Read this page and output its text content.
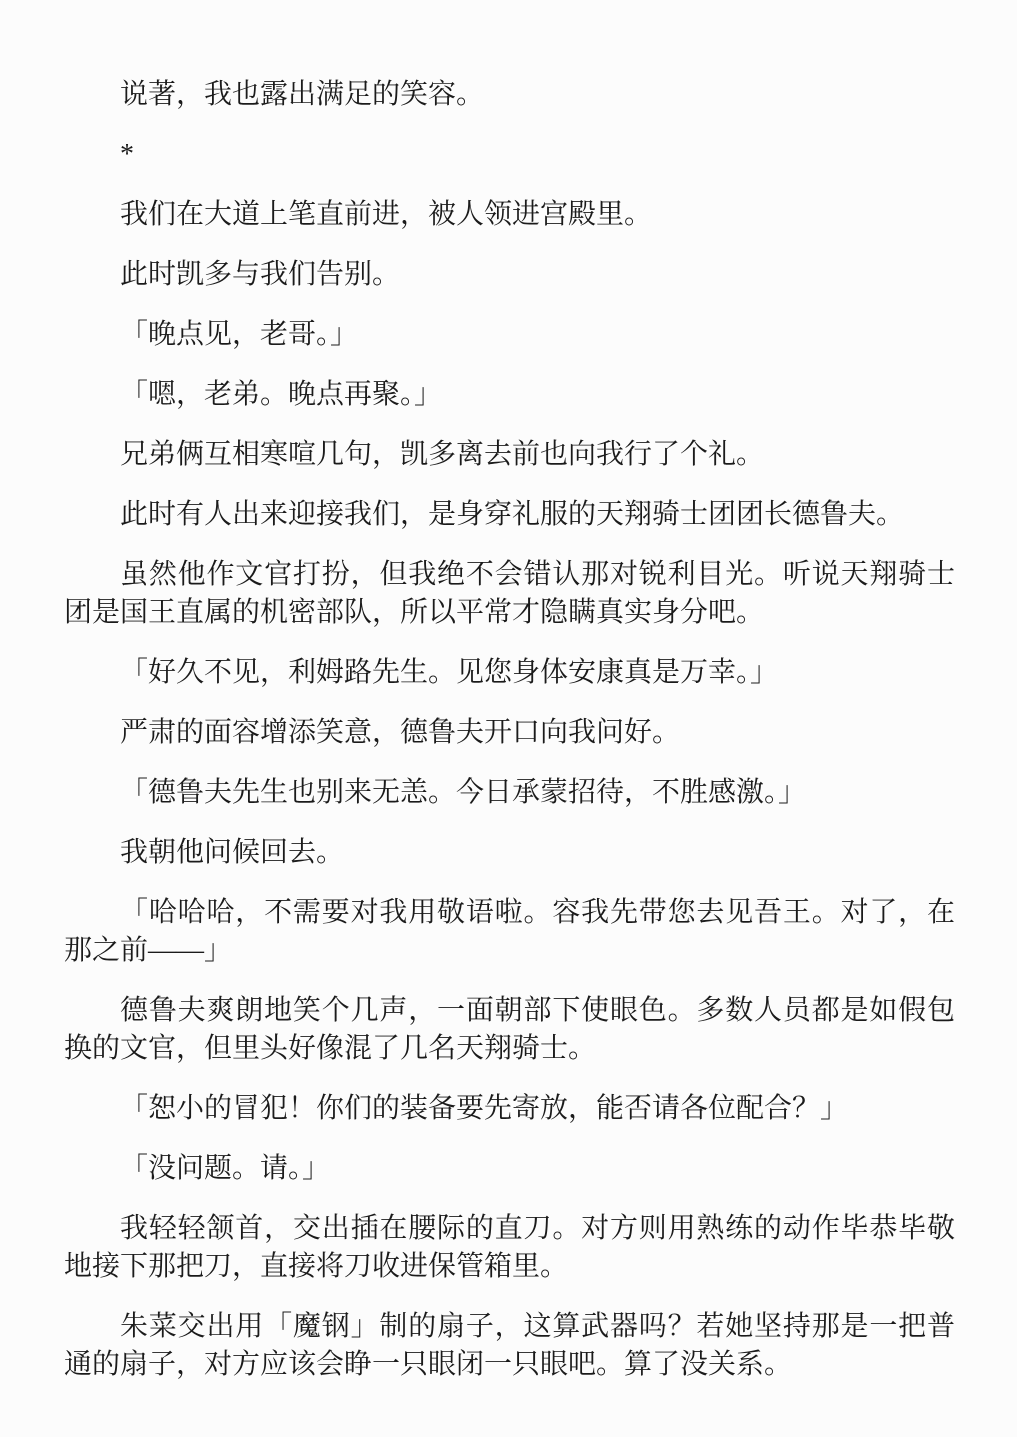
说著，我也露出满足的笑容。

*

我们在大道上笔直前进，被人领进宫殿里。

此时凯多与我们告别。

「晚点见，老哥。」

「嗯，老弟。晚点再聚。」

兄弟俩互相寒喧几句，凯多离去前也向我行了个礼。

此时有人出来迎接我们，是身穿礼服的天翔骑士团团长德鲁夫。

虽然他作文官打扮，但我绝不会错认那对锐利目光。听说天翔骑士团是国王直属的机密部队，所以平常才隐瞒真实身分吧。

「好久不见，利姆路先生。见您身体安康真是万幸。」

严肃的面容增添笑意，德鲁夫开口向我问好。

「德鲁夫先生也别来无恙。今日承蒙招待，不胜感激。」

我朝他问候回去。

「哈哈哈，不需要对我用敬语啦。容我先带您去见吾王。对了，在那之前——」

德鲁夫爽朗地笑个几声，一面朝部下使眼色。多数人员都是如假包换的文官，但里头好像混了几名天翔骑士。

「恕小的冒犯！你们的装备要先寄放，能否请各位配合？」

「没问题。请。」

我轻轻颔首，交出插在腰际的直刀。对方则用熟练的动作毕恭毕敬地接下那把刀，直接将刀收进保管箱里。

朱菜交出用「魔钢」制的扇子，这算武器吗？若她坚持那是一把普通的扇子，对方应该会睁一只眼闭一只眼吧。算了没关系。
